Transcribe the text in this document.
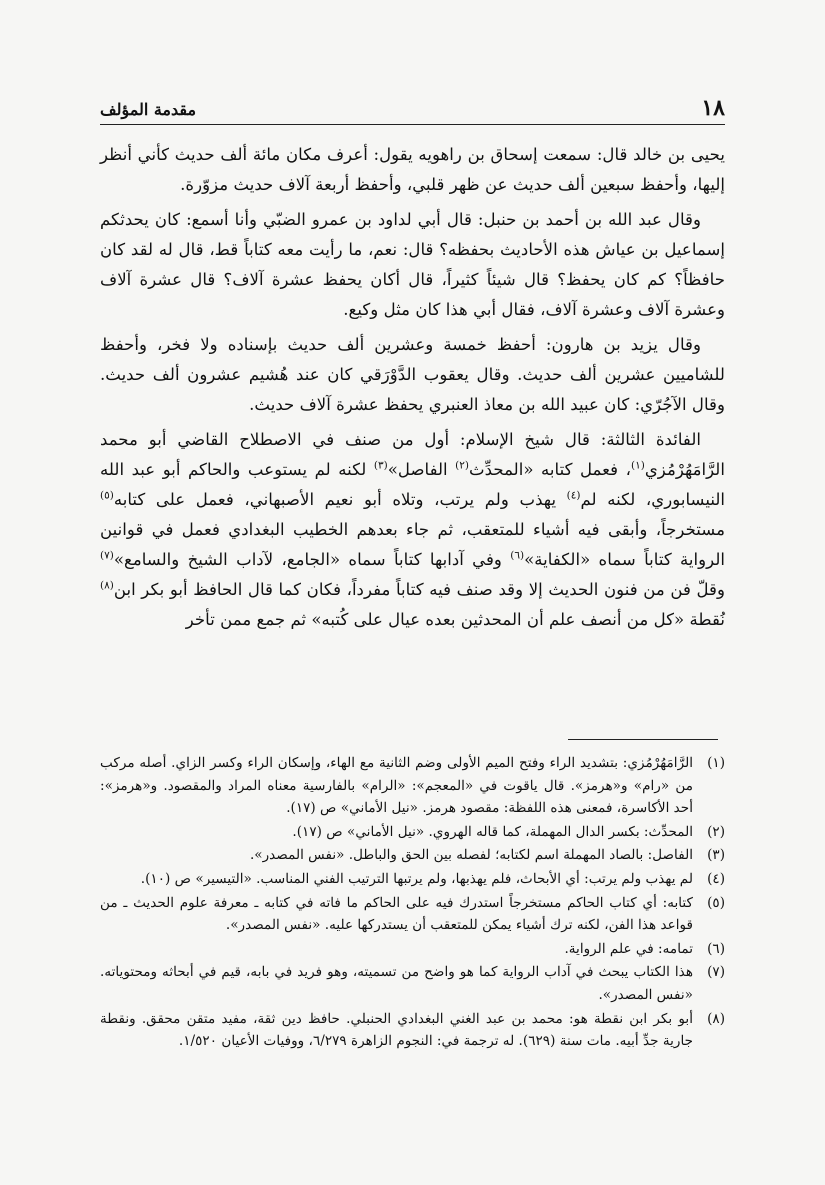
مقدمة المؤلف	١٨

يحيى بن خالد قال: سمعت إسحاق بن راهويه يقول: أعرف مكان مائة ألف حديث كأني أنظر إليها، وأحفظ سبعين ألف حديث عن ظهر قلبي، وأحفظ أربعة آلاف حديث مزوّرة.

وقال عبد الله بن أحمد بن حنبل: قال أبي لداود بن عمرو الضبّي وأنا أسمع: كان يحدثكم إسماعيل بن عياش هذه الأحاديث بحفظه؟ قال: نعم، ما رأيت معه كتاباً قط، قال له لقد كان حافظاً؟ كم كان يحفظ؟ قال شيئاً كثيراً، قال أكان يحفظ عشرة آلاف؟ قال عشرة آلاف وعشرة آلاف وعشرة آلاف، فقال أبي هذا كان مثل وكيع.

وقال يزيد بن هارون: أحفظ خمسة وعشرين ألف حديث بإسناده ولا فخر، وأحفظ للشاميين عشرين ألف حديث. وقال يعقوب الدَّوْرَقي كان عند هُشيم عشرون ألف حديث. وقال الآجُرّي: كان عبيد الله بن معاذ العنبري يحفظ عشرة آلاف حديث.

الفائدة الثالثة: قال شيخ الإسلام: أول من صنف في الاصطلاح القاضي أبو محمد الرَّامَهُرْمُزي$^{(١)}$، فعمل كتابه «المحدِّث$^{(٢)}$ الفاصل»$^{(٣)}$ لكنه لم يستوعب والحاكم أبو عبد الله النيسابوري، لكنه لم$^{(٤)}$ يهذب ولم يرتب، وتلاه أبو نعيم الأصبهاني، فعمل على كتابه$^{(٥)}$ مستخرجاً، وأبقى فيه أشياء للمتعقب، ثم جاء بعدهم الخطيب البغدادي فعمل في قوانين الرواية كتاباً سماه «الكفاية»$^{(٦)}$ وفي آدابها كتاباً سماه «الجامع، لآداب الشيخ والسامع»$^{(٧)}$ وقلّ فن من فنون الحديث إلا وقد صنف فيه كتاباً مفرداً، فكان كما قال الحافظ أبو بكر ابن$^{(٨)}$ نُقطة «كل من أنصف علم أن المحدثين بعده عيال على كُتبه» ثم جمع ممن تأخر

(١)
الرَّامَهُرْمُزي: بتشديد الراء وفتح الميم الأولى وضم الثانية مع الهاء، وإسكان الراء وكسر الزاي. أصله مركب من «رام» و«هرمز». قال ياقوت في «المعجم»: «الرام» بالفارسية معناه المراد والمقصود. و«هرمز»: أحد الأكاسرة، فمعنى هذه اللفظة: مقصود هرمز. «نيل الأماني» ص (١٧).
(٢)
المحدِّث: بكسر الدال المهملة، كما قاله الهروي. «نيل الأماني» ص (١٧).
(٣)
الفاصل: بالصاد المهملة اسم لكتابه؛ لفصله بين الحق والباطل. «نفس المصدر».
(٤)
لم يهذب ولم يرتب: أي الأبحاث، فلم يهذبها، ولم يرتبها الترتيب الفني المناسب. «التيسير» ص (١٠).
(٥)
كتابه: أي كتاب الحاكم مستخرجاً استدرك فيه على الحاكم ما فاته في كتابه ـ معرفة علوم الحديث ـ من قواعد هذا الفن، لكنه ترك أشياء يمكن للمتعقب أن يستدركها عليه. «نفس المصدر».
(٦)
تمامه: في علم الرواية.
(٧)
هذا الكتاب يبحث في آداب الرواية كما هو واضح من تسميته، وهو فريد في بابه، قيم في أبحاثه ومحتوياته. «نفس المصدر».
(٨)
أبو بكر ابن نقطة هو: محمد بن عبد الغني البغدادي الحنبلي. حافظ دين ثقة، مفيد متقن محقق. ونقطة جارية جدِّ أبيه. مات سنة (٦٢٩). له ترجمة في: النجوم الزاهرة ٦/٢٧٩، ووفيات الأعيان ١/٥٢٠.
